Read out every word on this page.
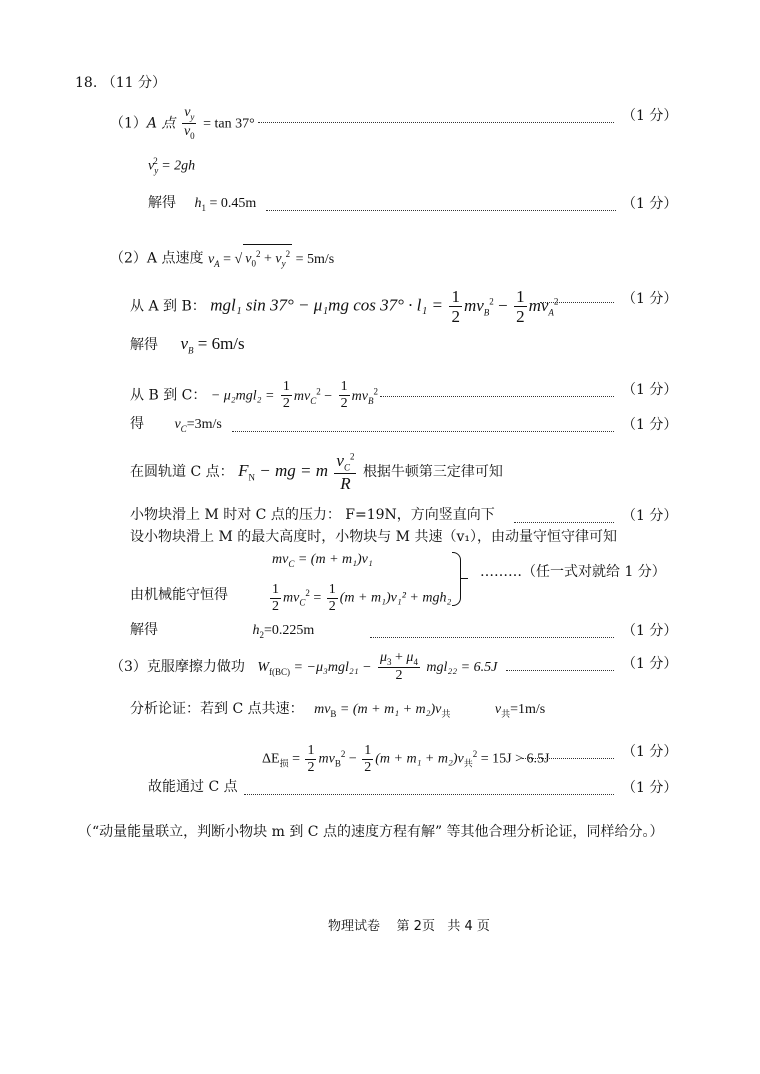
18. （11 分）
（1）A 点 $\frac{v_y}{v_0} = \tan 37^\circ$	（1 分）
$v_y^2 = 2gh$
解得 $h_1 = 0.45m$	（1 分）
（2）A 点速度 $v_A$ = √ $v_0^2 + v_y^2 = 5m/s$
从 A 到 B： mgl₁ sin 37° − μ₁mg $\cos 37^\circ \cdot l_1 = \frac{1}{2} mv_B^2 - \frac{1}{2} mv_A^2$	（1 分）
解得 $v_B = 6m/s$
从 B 到 C： − $\mu_2mgl_2 = \frac{1}{2} mv_C^2 - \frac{1}{2} mv_B^2$	（1 分）
得 $v_C=3m/s$	（1 分）
在圆轨道 C 点： $F_N$ − mg = m $\frac{v_C^2}{R}$ 根据牛顿第三定律可知
小物块滑上 M 时对 C 点的压力： F=19N，方向竖直向下	（1 分）
设小物块滑上 M 的最大高度时，小物块与 M 共速（v₁），由动量守恒守律可知
$mv_C = (m + m_1)v_1$
由机械能守恒得	$\frac{1}{2} mv_C^2 = \frac{1}{2} (m + m_1)v_1^2 + mgh_2$
………（任一式对就给 1 分）
解得	$h_2=0.225m$	（1 分）
（3）克服摩擦力做功 $W_{f(BC)} = -\mu_3mgl_{21} - \frac{\mu_3 + \mu_4}{2} mgl_{22} = 6.5J$	（1 分）
分析论证：若到 C 点共速： $mv_B = (m + m_1 + m_2)v_共$	$v_共=1m/s$
$\Delta E_损 = \frac{1}{2} mv_B^2 - \frac{1}{2} (m + m_1 + m_2)v_共^2 = 15J > 6.5J$	（1 分）
故能通过 C 点	（1 分）
（“动量能量联立，判断小物块 m 到 C 点的速度方程有解” 等其他合理分析论证，同样给分。）
物理试卷 第 2页 共 4 页
